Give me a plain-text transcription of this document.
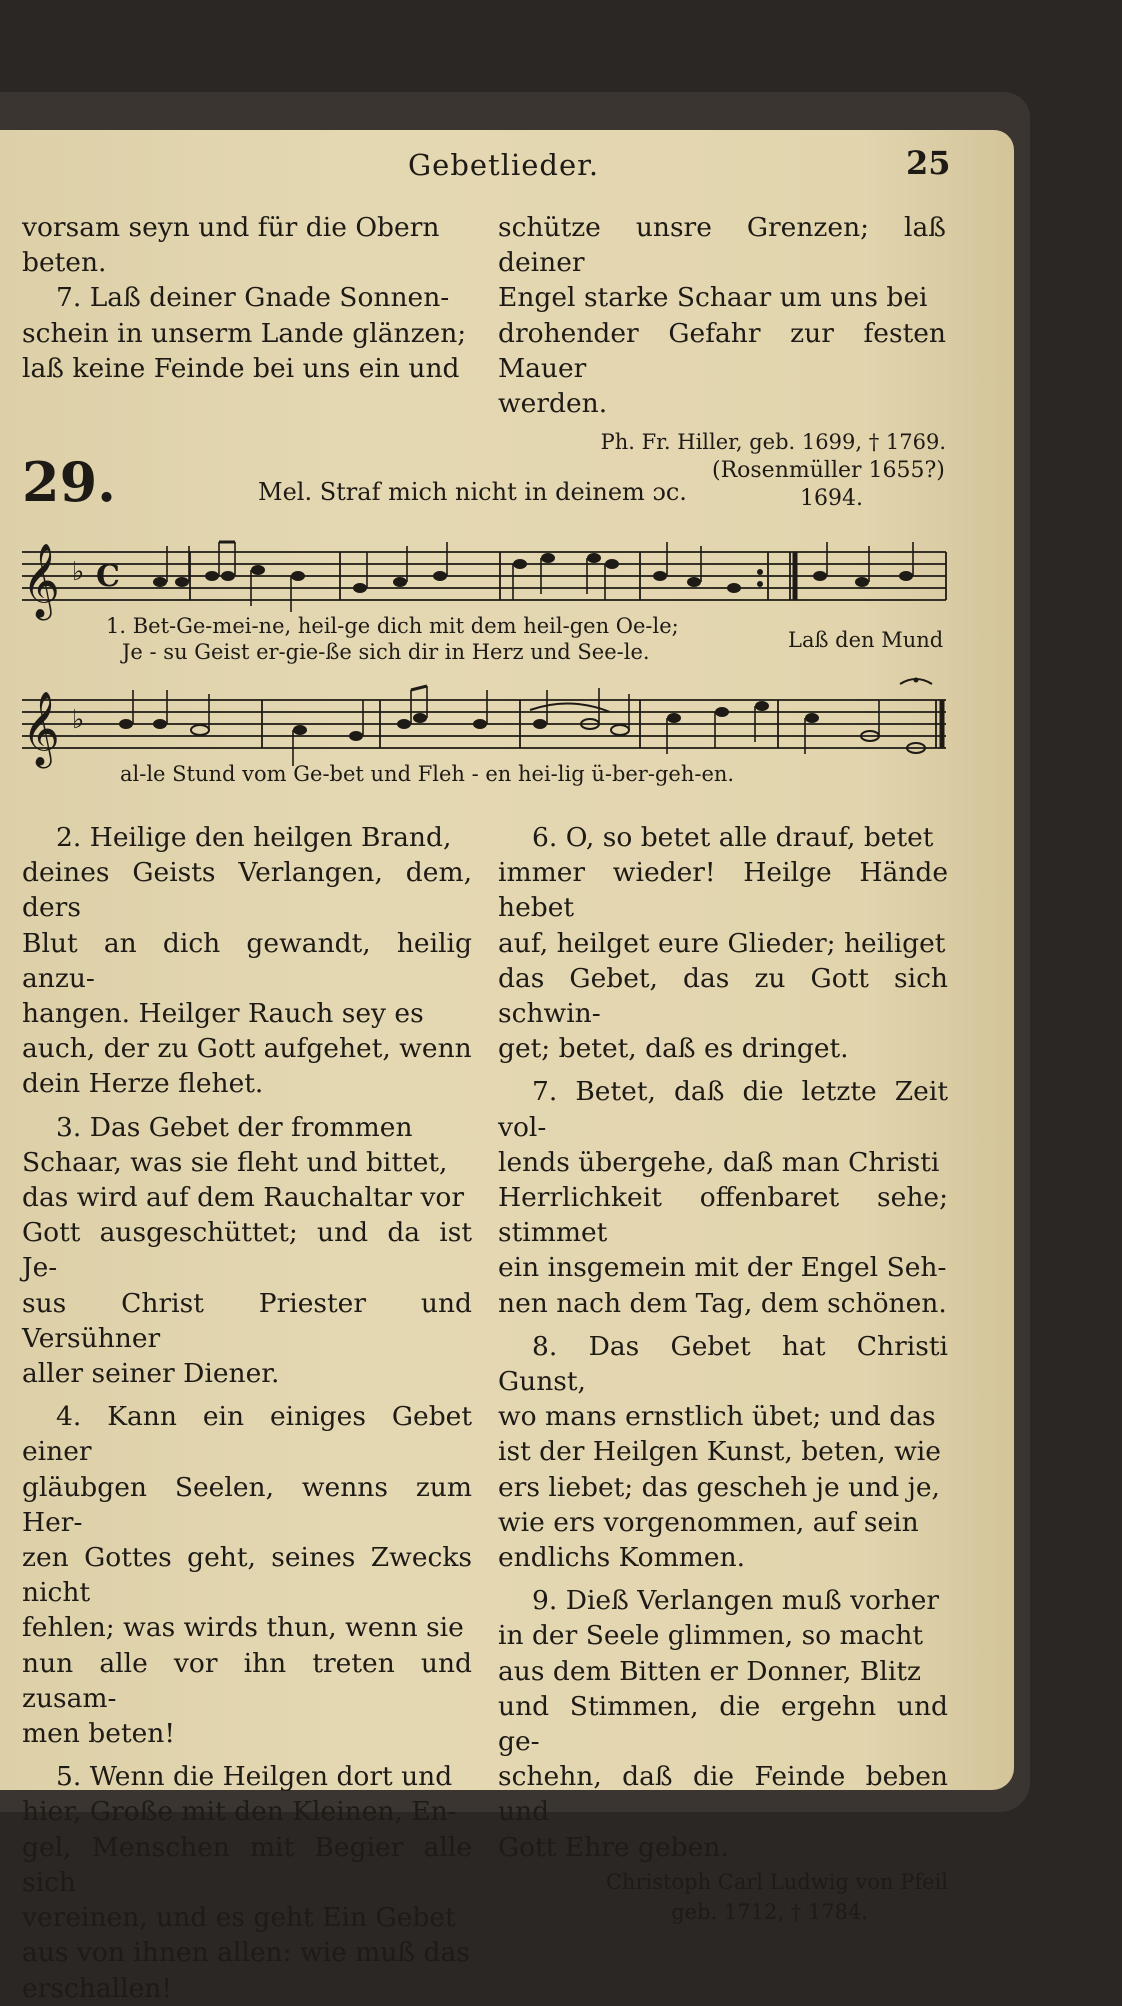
Gebetlieder.	25

vorsam seyn und für die Obern
beten.

7. Laß deiner Gnade Sonnen-
schein in unserm Lande glänzen;
laß keine Feinde bei uns ein und

schütze unsre Grenzen; laß deiner
Engel starke Schaar um uns bei
drohender Gefahr zur festen Mauer
werden.

Ph. Fr. Hiller, geb. 1699, † 1769.

29.	Mel. Straf mich nicht in deinem ɔc.
(Rosenmüller 1655?)
1694.
𝄞 ♭ C
1. Bet-Ge-mei-ne, heil-ge dich mit dem heil-gen Oe-le;
Je - su Geist er-gie-ße sich dir in Herz und See-le.	Laß den Mund
𝄞 ♭
al-le Stund vom Ge-bet und Fleh - en hei-lig ü-ber-geh-en.

2. Heilige den heilgen Brand,
deines Geists Verlangen, dem, ders
Blut an dich gewandt, heilig anzu-
hangen. Heilger Rauch sey es
auch, der zu Gott aufgehet, wenn
dein Herze flehet.

3. Das Gebet der frommen
Schaar, was sie fleht und bittet,
das wird auf dem Rauchaltar vor
Gott ausgeschüttet; und da ist Je-
sus Christ Priester und Versühner
aller seiner Diener.

4. Kann ein einiges Gebet einer
gläubgen Seelen, wenns zum Her-
zen Gottes geht, seines Zwecks nicht
fehlen; was wirds thun, wenn sie
nun alle vor ihn treten und zusam-
men beten!

5. Wenn die Heilgen dort und
hier, Große mit den Kleinen, En-
gel, Menschen mit Begier alle sich
vereinen, und es geht Ein Gebet
aus von ihnen allen: wie muß das
erschallen!

6. O, so betet alle drauf, betet
immer wieder! Heilge Hände hebet
auf, heilget eure Glieder; heiliget
das Gebet, das zu Gott sich schwin-
get; betet, daß es dringet.

7. Betet, daß die letzte Zeit vol-
lends übergehe, daß man Christi
Herrlichkeit offenbaret sehe; stimmet
ein insgemein mit der Engel Seh-
nen nach dem Tag, dem schönen.

8. Das Gebet hat Christi Gunst,
wo mans ernstlich übet; und das
ist der Heilgen Kunst, beten, wie
ers liebet; das gescheh je und je,
wie ers vorgenommen, auf sein
endlichs Kommen.

9. Dieß Verlangen muß vorher
in der Seele glimmen, so macht
aus dem Bitten er Donner, Blitz
und Stimmen, die ergehn und ge-
schehn, daß die Feinde beben und
Gott Ehre geben.

Christoph Carl Ludwig von Pfeil

geb. 1712, † 1784.
